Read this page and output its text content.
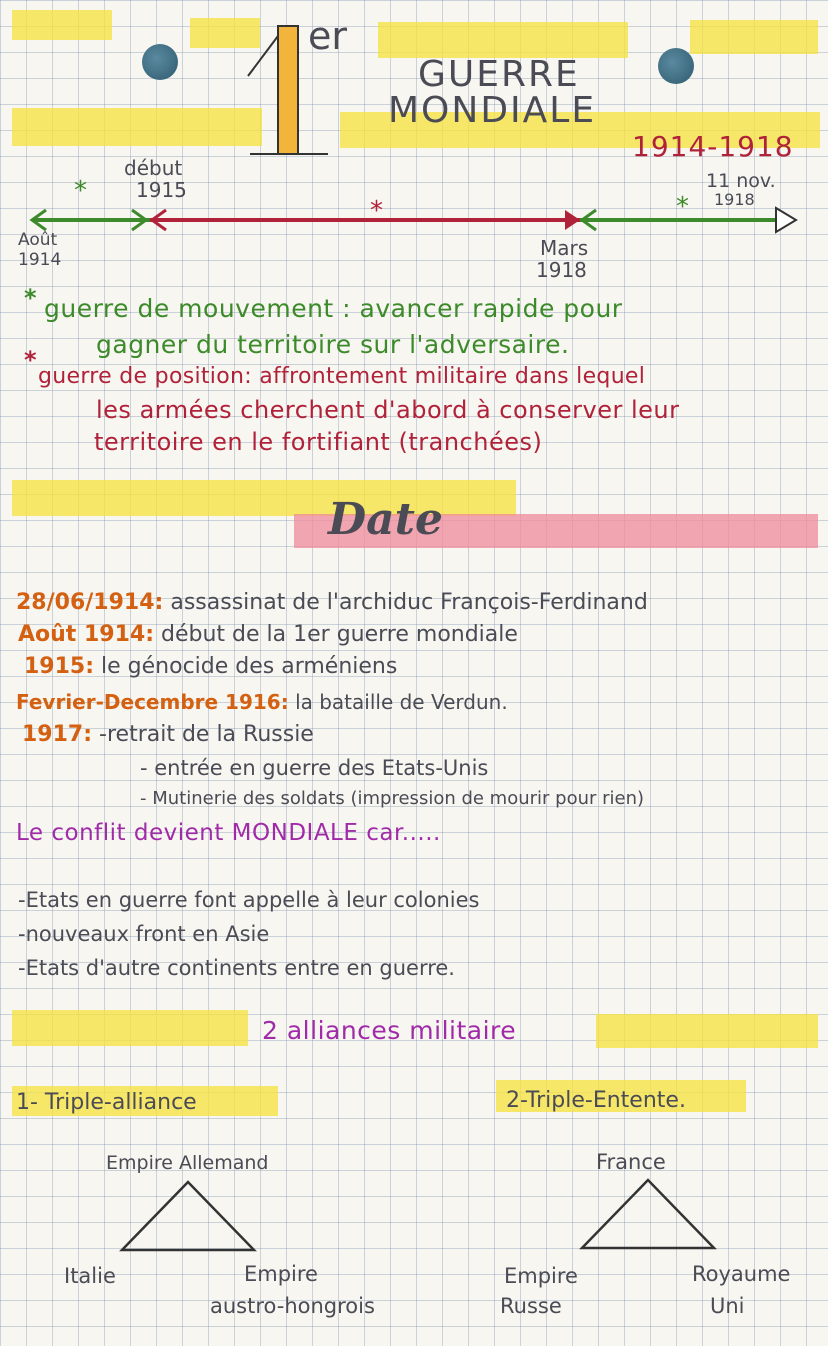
er
GUERRE
MONDIALE
1914-1918
*
*	*
Août
1914
début
1915
Mars
1918
11 nov.
1918
* guerre de mouvement : avancer rapide pour
gagner du territoire sur l'adversaire.
*
guerre de position: affrontement militaire dans lequel
les armées cherchent d'abord à conserver leur
territoire en le fortifiant (tranchées)
Date
28/06/1914: assassinat de l'archiduc François-Ferdinand
Août 1914: début de la 1er guerre mondiale
1915: le génocide des arméniens
Fevrier-Decembre 1916: la bataille de Verdun.
1917: -retrait de la Russie
- entrée en guerre des Etats-Unis
- Mutinerie des soldats (impression de mourir pour rien)
Le conflit devient MONDIALE car.....
-Etats en guerre font appelle à leur colonies
-nouveaux front en Asie
-Etats d'autre continents entre en guerre.
2 alliances militaire
1- Triple-alliance
Empire Allemand
Italie	Empire
austro-hongrois
2-Triple-Entente.
France
Empire
Russe
Royaume
Uni
